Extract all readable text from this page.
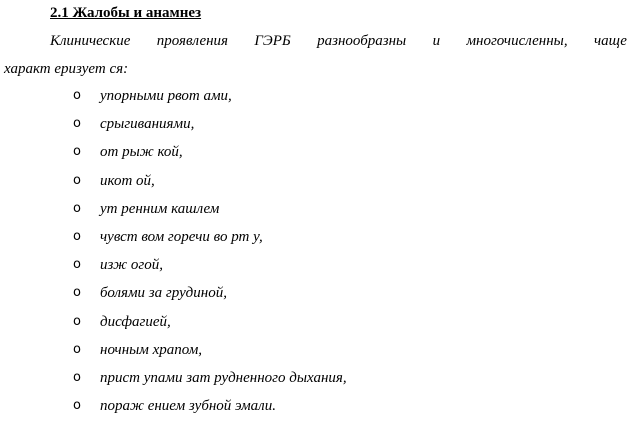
2.1 Жалобы и анамнез

Клинические проявления ГЭРБ разнообразны и многочисленны, чаще

характ еризует ся:

o упорными рвот ами,
o срыгиваниями,
o от рыж кой,
o икот ой,
o ут ренним кашлем
o чувст вом горечи во рт у,
o изж огой,
o болями за грудиной,
o дисфагией,
o ночным храпом,
o прист упами зат рудненного дыхания,
o пораж ением зубной эмали.
